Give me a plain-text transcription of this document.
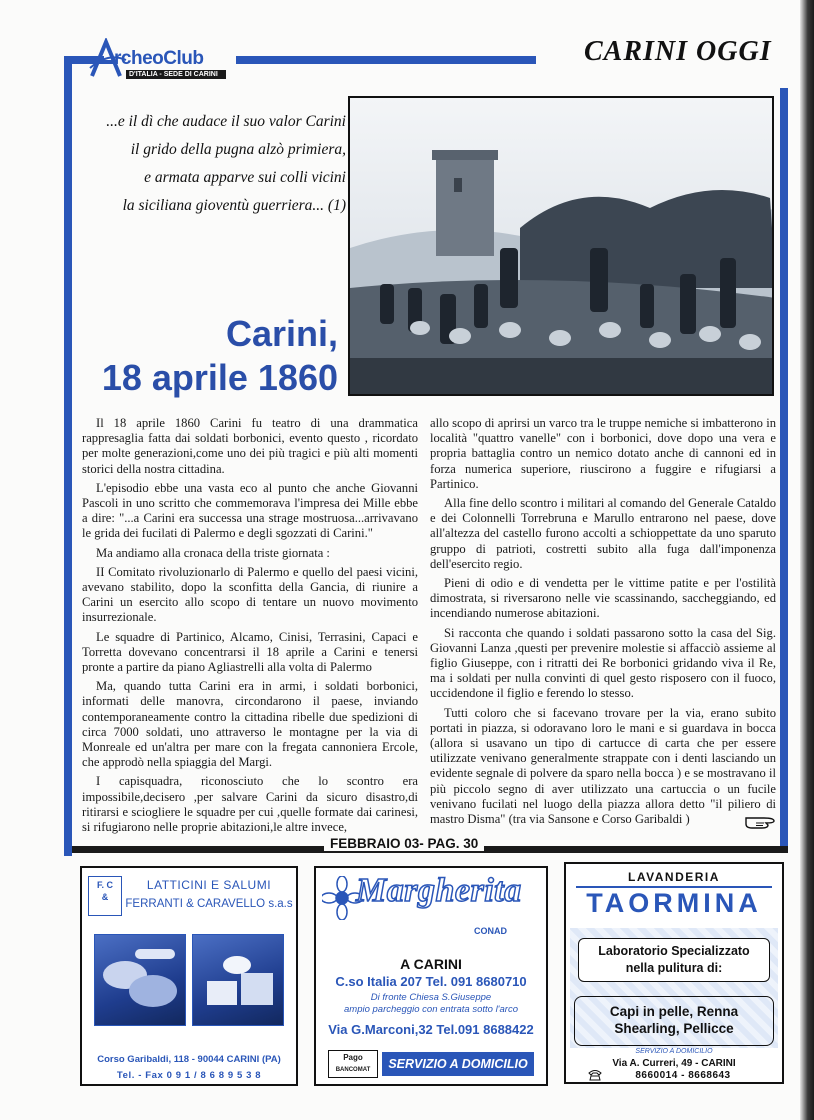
rcheoClub
D'ITALIA - SEDE DI CARINI
CARINI OGGI
...e il dì che audace il suo valor Carini
il grido della pugna alzò primiera,
e armata apparve sui colli vicini
la siciliana gioventù guerriera... (1)
Carini,
18 aprile 1860

Il 18 aprile 1860 Carini fu teatro di una drammatica rappresaglia fatta dai soldati borbonici, evento questo , ricordato per molte generazioni,come uno dei più tragici e più alti momenti storici della nostra cittadina.

L'episodio ebbe una vasta eco al punto che anche Giovanni Pascoli in uno scritto che commemorava l'impresa dei Mille ebbe a dire: "...a Carini era successa una strage mostruosa...arrivavano le grida dei fucilati di Palermo e degli sgozzati di Carini."

Ma andiamo alla cronaca della triste giornata :

II Comitato rivoluzionarlo di Palermo e quello del paesi vicini, avevano stabilito, dopo la sconfitta della Gancia, di riunire a Carini un esercito allo scopo di tentare un nuovo movimento insurrezionale.

Le squadre di Partinico, Alcamo, Cinisi, Terrasini, Capaci e Torretta dovevano concentrarsi il 18 aprile a Carini e tenersi pronte a partire da piano Agliastrelli alla volta di Palermo

Ma, quando tutta Carini era in armi, i soldati borbonici, informati delle manovra, circondarono il paese, inviando contemporaneamente contro la cittadina ribelle due spedizioni di circa 7000 soldati, uno attraverso le montagne per la via di Monreale ed un'altra per mare con la fregata cannoniera Ercole, che approdò nella spiaggia del Margi.

I capisquadra, riconosciuto che lo scontro era impossibile,decisero ,per salvare Carini da sicuro disastro,di ritirarsi e sciogliere le squadre per cui ,quelle formate dai carinesi, si rifugiarono nelle proprie abitazioni,le altre invece,

allo scopo di aprirsi un varco tra le truppe nemiche si imbatterono in località "quattro vanelle" con i borbonici, dove dopo una vera e propria battaglia contro un nemico dotato anche di cannoni ed in forza numerica superiore, riuscirono a fuggire e rifugiarsi a Partinico.

Alla fine dello scontro i militari al comando del Generale Cataldo e dei Colonnelli Torrebruna e Marullo entrarono nel paese, dove all'altezza del castello furono accolti a schioppettate da uno sparuto gruppo di patrioti, costretti subito alla fuga dall'imponenza dell'esercito regio.

Pieni di odio e di vendetta per le vittime patite e per l'ostilità dimostrata, si riversarono nelle vie scassinando, saccheggiando, ed incendiando numerose abitazioni.

Si racconta che quando i soldati passarono sotto la casa del Sig. Giovanni Lanza ,questi per prevenire molestie si affacciò assieme al figlio Giuseppe, con i ritratti dei Re borbonici gridando viva il Re, ma i soldati per nulla convinti di quel gesto risposero con il fuoco, uccidendone il figlio e ferendo lo stesso.

Tutti coloro che si facevano trovare per la via, erano subito portati in piazza, si odoravano loro le mani e si guardava in bocca (allora si usavano un tipo di cartucce di carta che per essere utilizzate venivano generalmente strappate con i denti lasciando un evidente segnale di polvere da sparo nella bocca ) e se mostravano il più piccolo segno di aver utilizzato una cartuccia o un fucile venivano fucilati nel luogo della piazza allora detto "il piliero di mastro Disma" (tra via Sansone e Corso Garibaldi )

FEBBRAIO 03- PAG. 30
F. C
&
LATTICINI E SALUMI
FERRANTI & CARAVELLO s.a.s
Corso Garibaldi, 118 - 90044 CARINI (PA)
Tel. - Fax 0 9 1 / 8 6 8 9 5 3 8
Margherita
CONAD
A CARINI
C.so Italia 207 Tel. 091 8680710
Di fronte Chiesa S.Giuseppe
ampio parcheggio con entrata sotto l'arco
Via G.Marconi,32 Tel.091 8688422
Pago
BANCOMAT	SERVIZIO A DOMICILIO
LAVANDERIA
TAORMINA
Laboratorio Specializzato
nella pulitura di:
Capi in pelle, Renna
Shearling, Pellicce
SERVIZIO A DOMICILIO
Via A. Curreri, 49 - CARINI
8660014 - 8668643
